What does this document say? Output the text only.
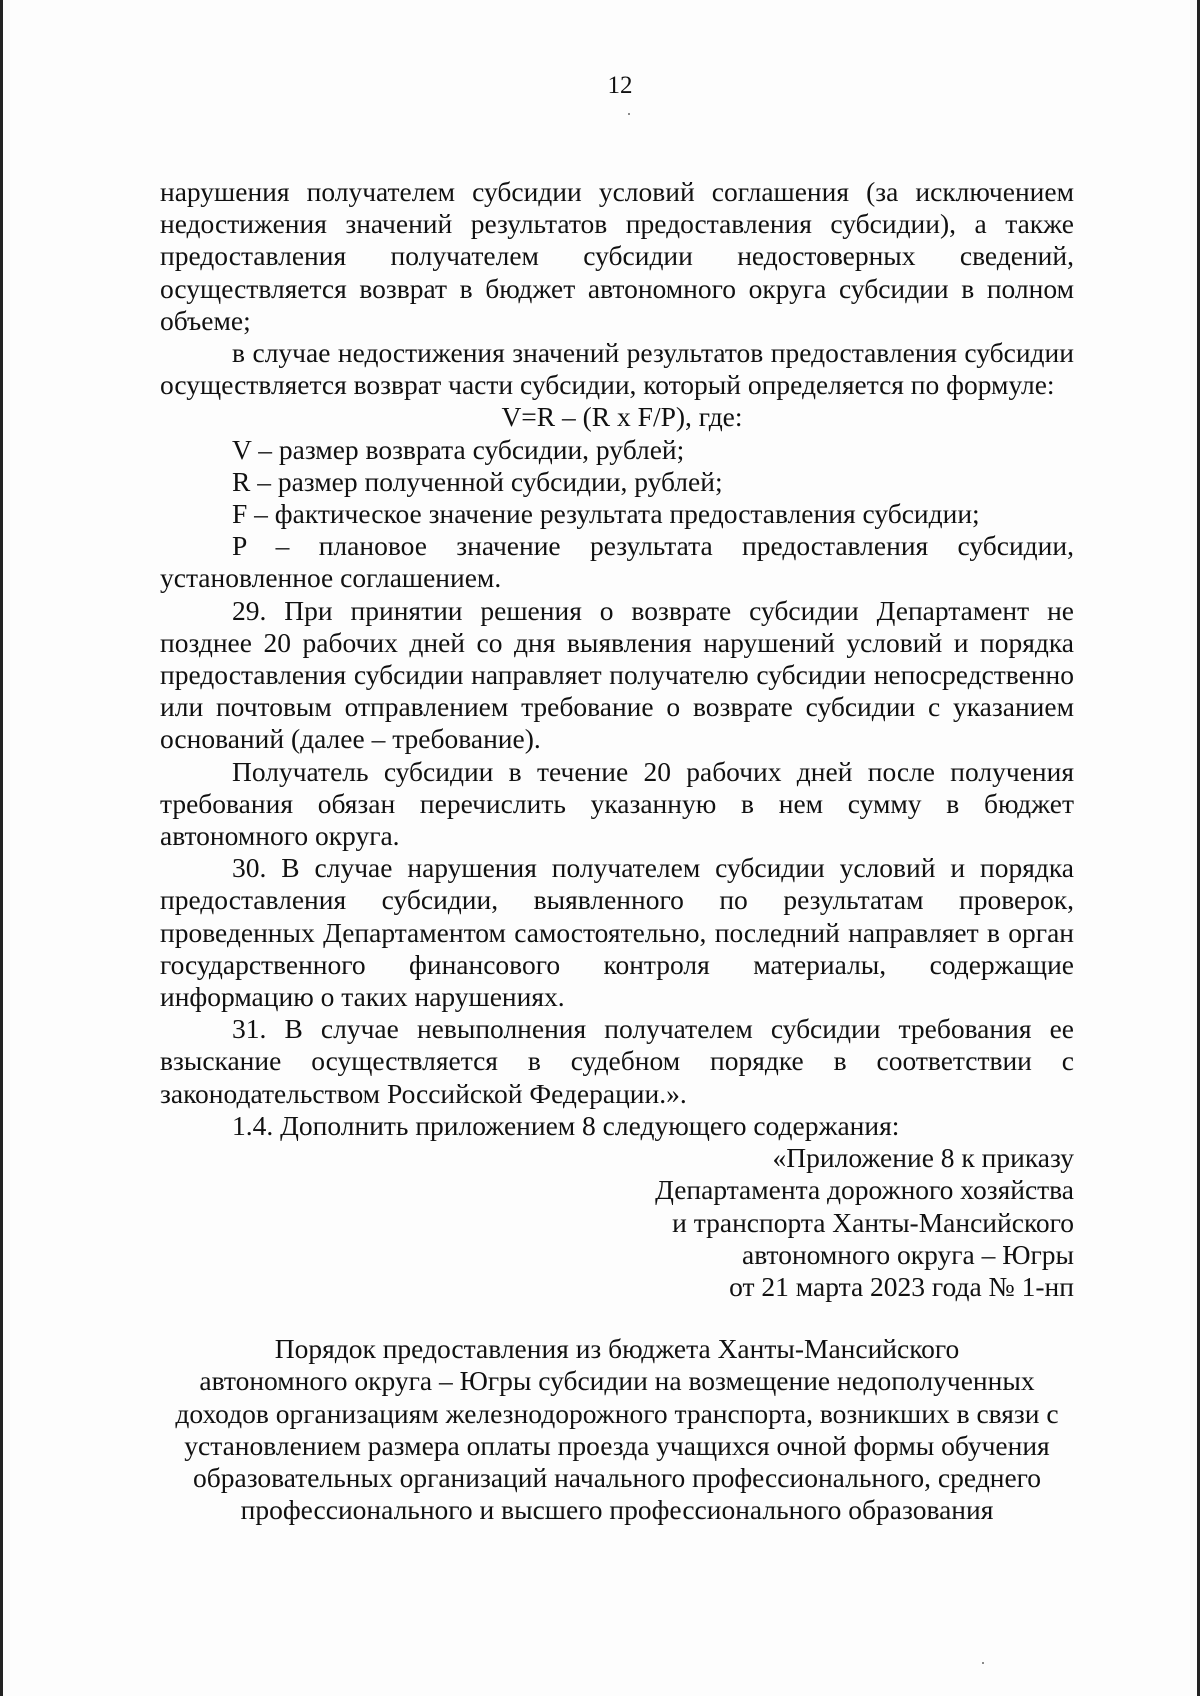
12

нарушения получателем субсидии условий соглашения (за исключением недостижения значений результатов предоставления субсидии), а также предоставления получателем субсидии недостоверных сведений, осуществляется возврат в бюджет автономного округа субсидии в полном объеме;

в случае недостижения значений результатов предоставления субсидии осуществляется возврат части субсидии, который определяется по формуле:

V=R – (R x F/P), где:

V – размер возврата субсидии, рублей;

R – размер полученной субсидии, рублей;

F – фактическое значение результата предоставления субсидии;

P – плановое значение результата предоставления субсидии, установленное соглашением.

29. При принятии решения о возврате субсидии Департамент не позднее 20 рабочих дней со дня выявления нарушений условий и порядка предоставления субсидии направляет получателю субсидии непосредственно или почтовым отправлением требование о возврате субсидии с указанием оснований (далее – требование).

Получатель субсидии в течение 20 рабочих дней после получения требования обязан перечислить указанную в нем сумму в бюджет автономного округа.

30. В случае нарушения получателем субсидии условий и порядка предоставления субсидии, выявленного по результатам проверок, проведенных Департаментом самостоятельно, последний направляет в орган государственного финансового контроля материалы, содержащие информацию о таких нарушениях.

31. В случае невыполнения получателем субсидии требования ее взыскание осуществляется в судебном порядке в соответствии с законодательством Российской Федерации.».

1.4. Дополнить приложением 8 следующего содержания:

«Приложение 8 к приказу
Департамента дорожного хозяйства
и транспорта Ханты-Мансийского
автономного округа – Югры
от 21 марта 2023 года № 1-нп
Порядок предоставления из бюджета Ханты-Мансийского
автономного округа – Югры субсидии на возмещение недополученных
доходов организациям железнодорожного транспорта, возникших в связи с
установлением размера оплаты проезда учащихся очной формы обучения
образовательных организаций начального профессионального, среднего
профессионального и высшего профессионального образования
